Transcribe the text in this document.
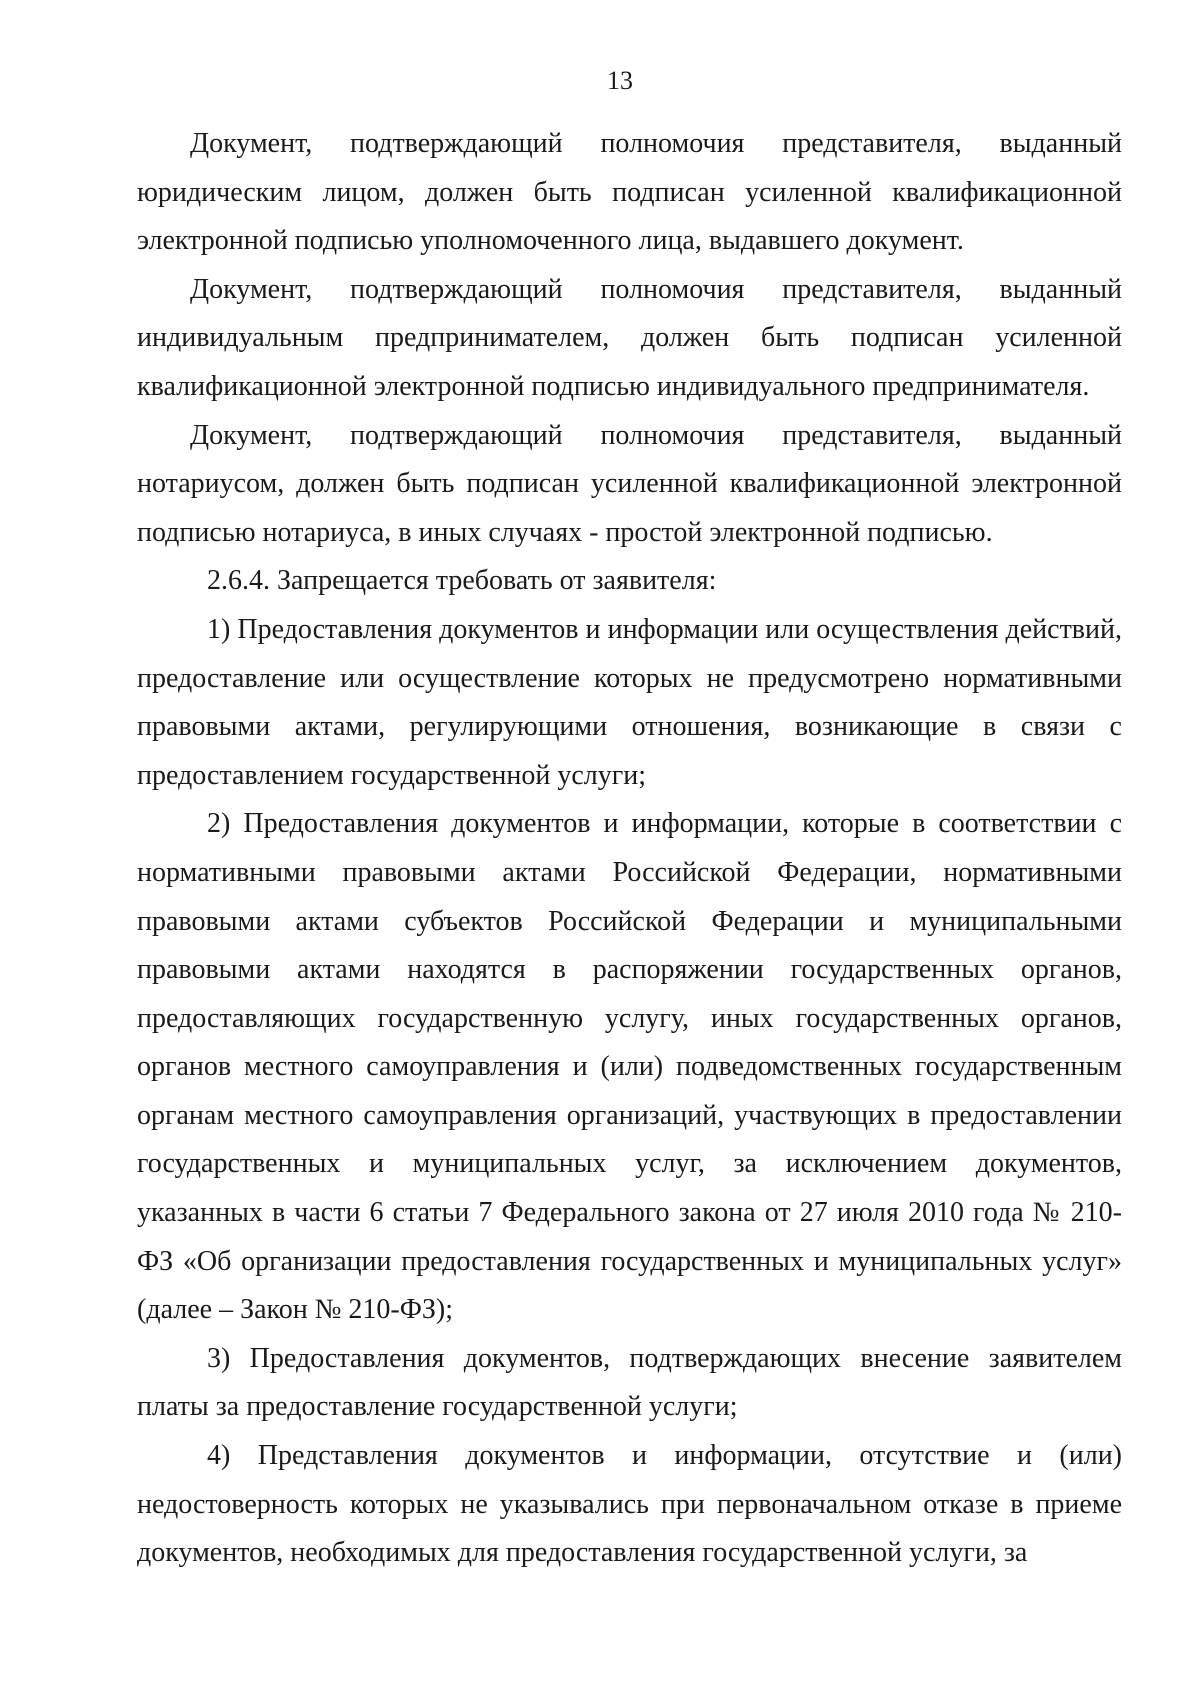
13

Документ, подтверждающий полномочия представителя, выданный юридическим лицом, должен быть подписан усиленной квалификационной электронной подписью уполномоченного лица, выдавшего документ.

Документ, подтверждающий полномочия представителя, выданный индивидуальным предпринимателем, должен быть подписан усиленной квалификационной электронной подписью индивидуального предпринимателя.

Документ, подтверждающий полномочия представителя, выданный нотариусом, должен быть подписан усиленной квалификационной электронной подписью нотариуса, в иных случаях - простой электронной подписью.

2.6.4. Запрещается требовать от заявителя:

1) Предоставления документов и информации или осуществления действий, предоставление или осуществление которых не предусмотрено нормативными правовыми актами, регулирующими отношения, возникающие в связи с предоставлением государственной услуги;

2) Предоставления документов и информации, которые в соответствии с нормативными правовыми актами Российской Федерации, нормативными правовыми актами субъектов Российской Федерации и муниципальными правовыми актами находятся в распоряжении государственных органов, предоставляющих государственную услугу, иных государственных органов, органов местного самоуправления и (или) подведомственных государственным органам местного самоуправления организаций, участвующих в предоставлении государственных и муниципальных услуг, за исключением документов, указанных в части 6 статьи 7 Федерального закона от 27 июля 2010 года № 210-ФЗ «Об организации предоставления государственных и муниципальных услуг» (далее – Закон № 210-ФЗ);

3) Предоставления документов, подтверждающих внесение заявителем платы за предоставление государственной услуги;

4) Представления документов и информации, отсутствие и (или) недостоверность которых не указывались при первоначальном отказе в приеме документов, необходимых для предоставления государственной услуги, за
